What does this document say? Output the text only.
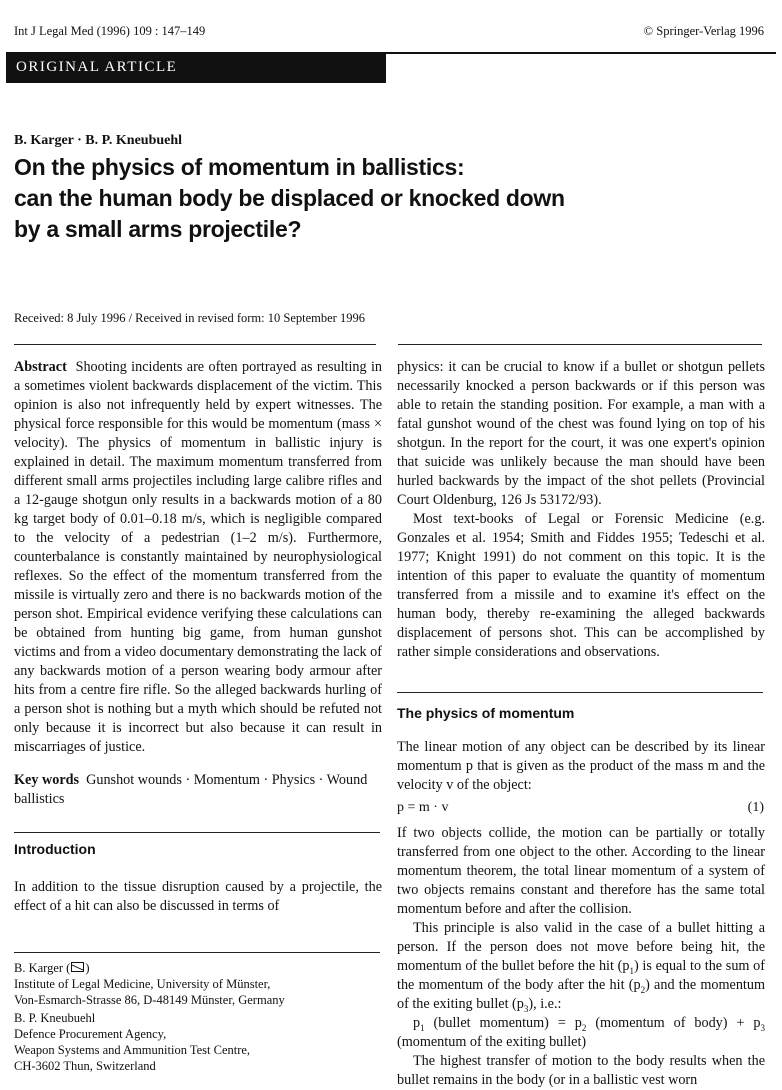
Int J Legal Med (1996) 109 : 147–149	© Springer-Verlag 1996
ORIGINAL ARTICLE
B. Karger · B. P. Kneubuehl
On the physics of momentum in ballistics:
can the human body be displaced or knocked down
by a small arms projectile?
Received: 8 July 1996 / Received in revised form: 10 September 1996

Abstract Shooting incidents are often portrayed as resulting in a sometimes violent backwards displacement of the victim. This opinion is also not infrequently held by expert witnesses. The physical force responsible for this would be momentum (mass × velocity). The physics of momentum in ballistic injury is explained in detail. The maximum momentum transferred from different small arms projectiles including large calibre rifles and a 12-gauge shotgun only results in a backwards motion of a 80 kg target body of 0.01–0.18 m/s, which is negligible compared to the velocity of a pedestrian (1–2 m/s). Furthermore, counterbalance is constantly maintained by neurophysiological reflexes. So the effect of the momentum transferred from the missile is virtually zero and there is no backwards motion of the person shot. Empirical evidence verifying these calculations can be obtained from hunting big game, from human gunshot victims and from a video documentary demonstrating the lack of any backwards motion of a person wearing body armour after hits from a centre fire rifle. So the alleged backwards hurling of a person shot is nothing but a myth which should be refuted not only because it is incorrect but also because it can result in miscarriages of justice.

Key words Gunshot wounds · Momentum · Physics · Wound ballistics

Introduction

In addition to the tissue disruption caused by a projectile, the effect of a hit can also be discussed in terms of

B. Karger ( )
Institute of Legal Medicine, University of Münster,
Von-Esmarch-Strasse 86, D-48149 Münster, Germany
B. P. Kneubuehl
Defence Procurement Agency,
Weapon Systems and Ammunition Test Centre,
CH-3602 Thun, Switzerland

physics: it can be crucial to know if a bullet or shotgun pellets necessarily knocked a person backwards or if this person was able to retain the standing position. For example, a man with a fatal gunshot wound of the chest was found lying on top of his shotgun. In the report for the court, it was one expert's opinion that suicide was unlikely because the man should have been hurled backwards by the impact of the shot pellets (Provincial Court Oldenburg, 126 Js 53172/93).

Most text-books of Legal or Forensic Medicine (e.g. Gonzales et al. 1954; Smith and Fiddes 1955; Tedeschi et al. 1977; Knight 1991) do not comment on this topic. It is the intention of this paper to evaluate the quantity of momentum transferred from a missile and to examine it's effect on the human body, thereby re-examining the alleged backwards displacement of persons shot. This can be accomplished by rather simple considerations and observations.

The physics of momentum

The linear motion of any object can be described by its linear momentum p that is given as the product of the mass m and the velocity v of the object:

p = m · v	(1)

If two objects collide, the motion can be partially or totally transferred from one object to the other. According to the linear momentum theorem, the total linear momentum of a system of two objects remains constant and therefore has the same total momentum before and after the collision.

This principle is also valid in the case of a bullet hitting a person. If the person does not move before being hit, the momentum of the bullet before the hit $(p_1)$ is equal to the sum of the momentum of the body after the hit $(p_2)$ and the momentum of the exiting bullet $(p_3)$, i.e.:

$p_1$ (bullet momentum) = $p_2$ (momentum of body) + $p_3$ (momentum of the exiting bullet)

The highest transfer of motion to the body results when the bullet remains in the body (or in a ballistic vest worn
